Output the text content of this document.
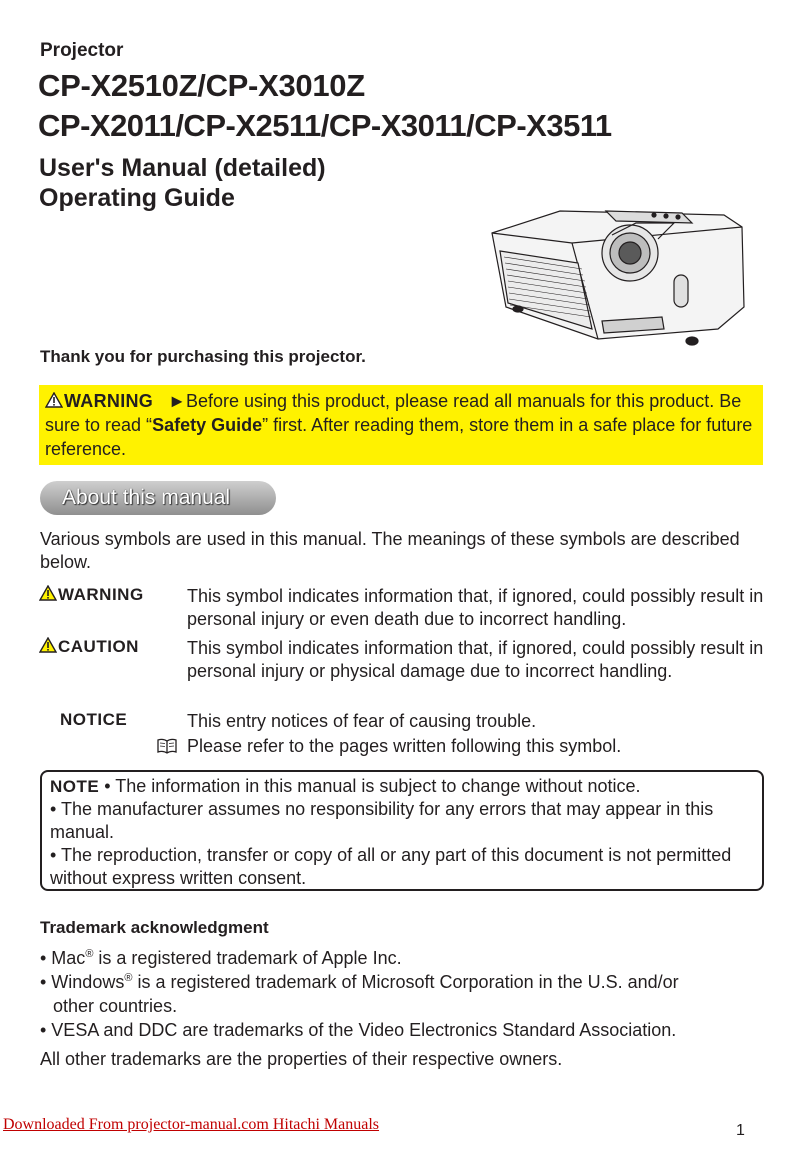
Projector
CP-X2510Z/CP-X3010Z
CP-X2011/CP-X2511/CP-X3011/CP-X3511
User's Manual (detailed)
Operating Guide
Thank you for purchasing this projector.
WARNING ►Before using this product, please read all manuals for this product. Be sure to read “Safety Guide” first. After reading them, store them in a safe place for future reference.
About this manual
Various symbols are used in this manual. The meanings of these symbols are described below.
WARNING This symbol indicates information that, if ignored, could possibly result in personal injury or even death due to incorrect handling.
CAUTION	This symbol indicates information that, if ignored, could possibly result in personal injury or physical damage due to incorrect handling.
NOTICE	This entry notices of fear of causing trouble.
Please refer to the pages written following this symbol.
NOTE • The information in this manual is subject to change without notice.
• The manufacturer assumes no responsibility for any errors that may appear in this manual.
• The reproduction, transfer or copy of all or any part of this document is not permitted without express written consent.
Trademark acknowledgment
• Mac® is a registered trademark of Apple Inc.
• Windows® is a registered trademark of Microsoft Corporation in the U.S. and/or
other countries.
• VESA and DDC are trademarks of the Video Electronics Standard Association.
All other trademarks are the properties of their respective owners.
Downloaded From projector-manual.com Hitachi Manuals	1
